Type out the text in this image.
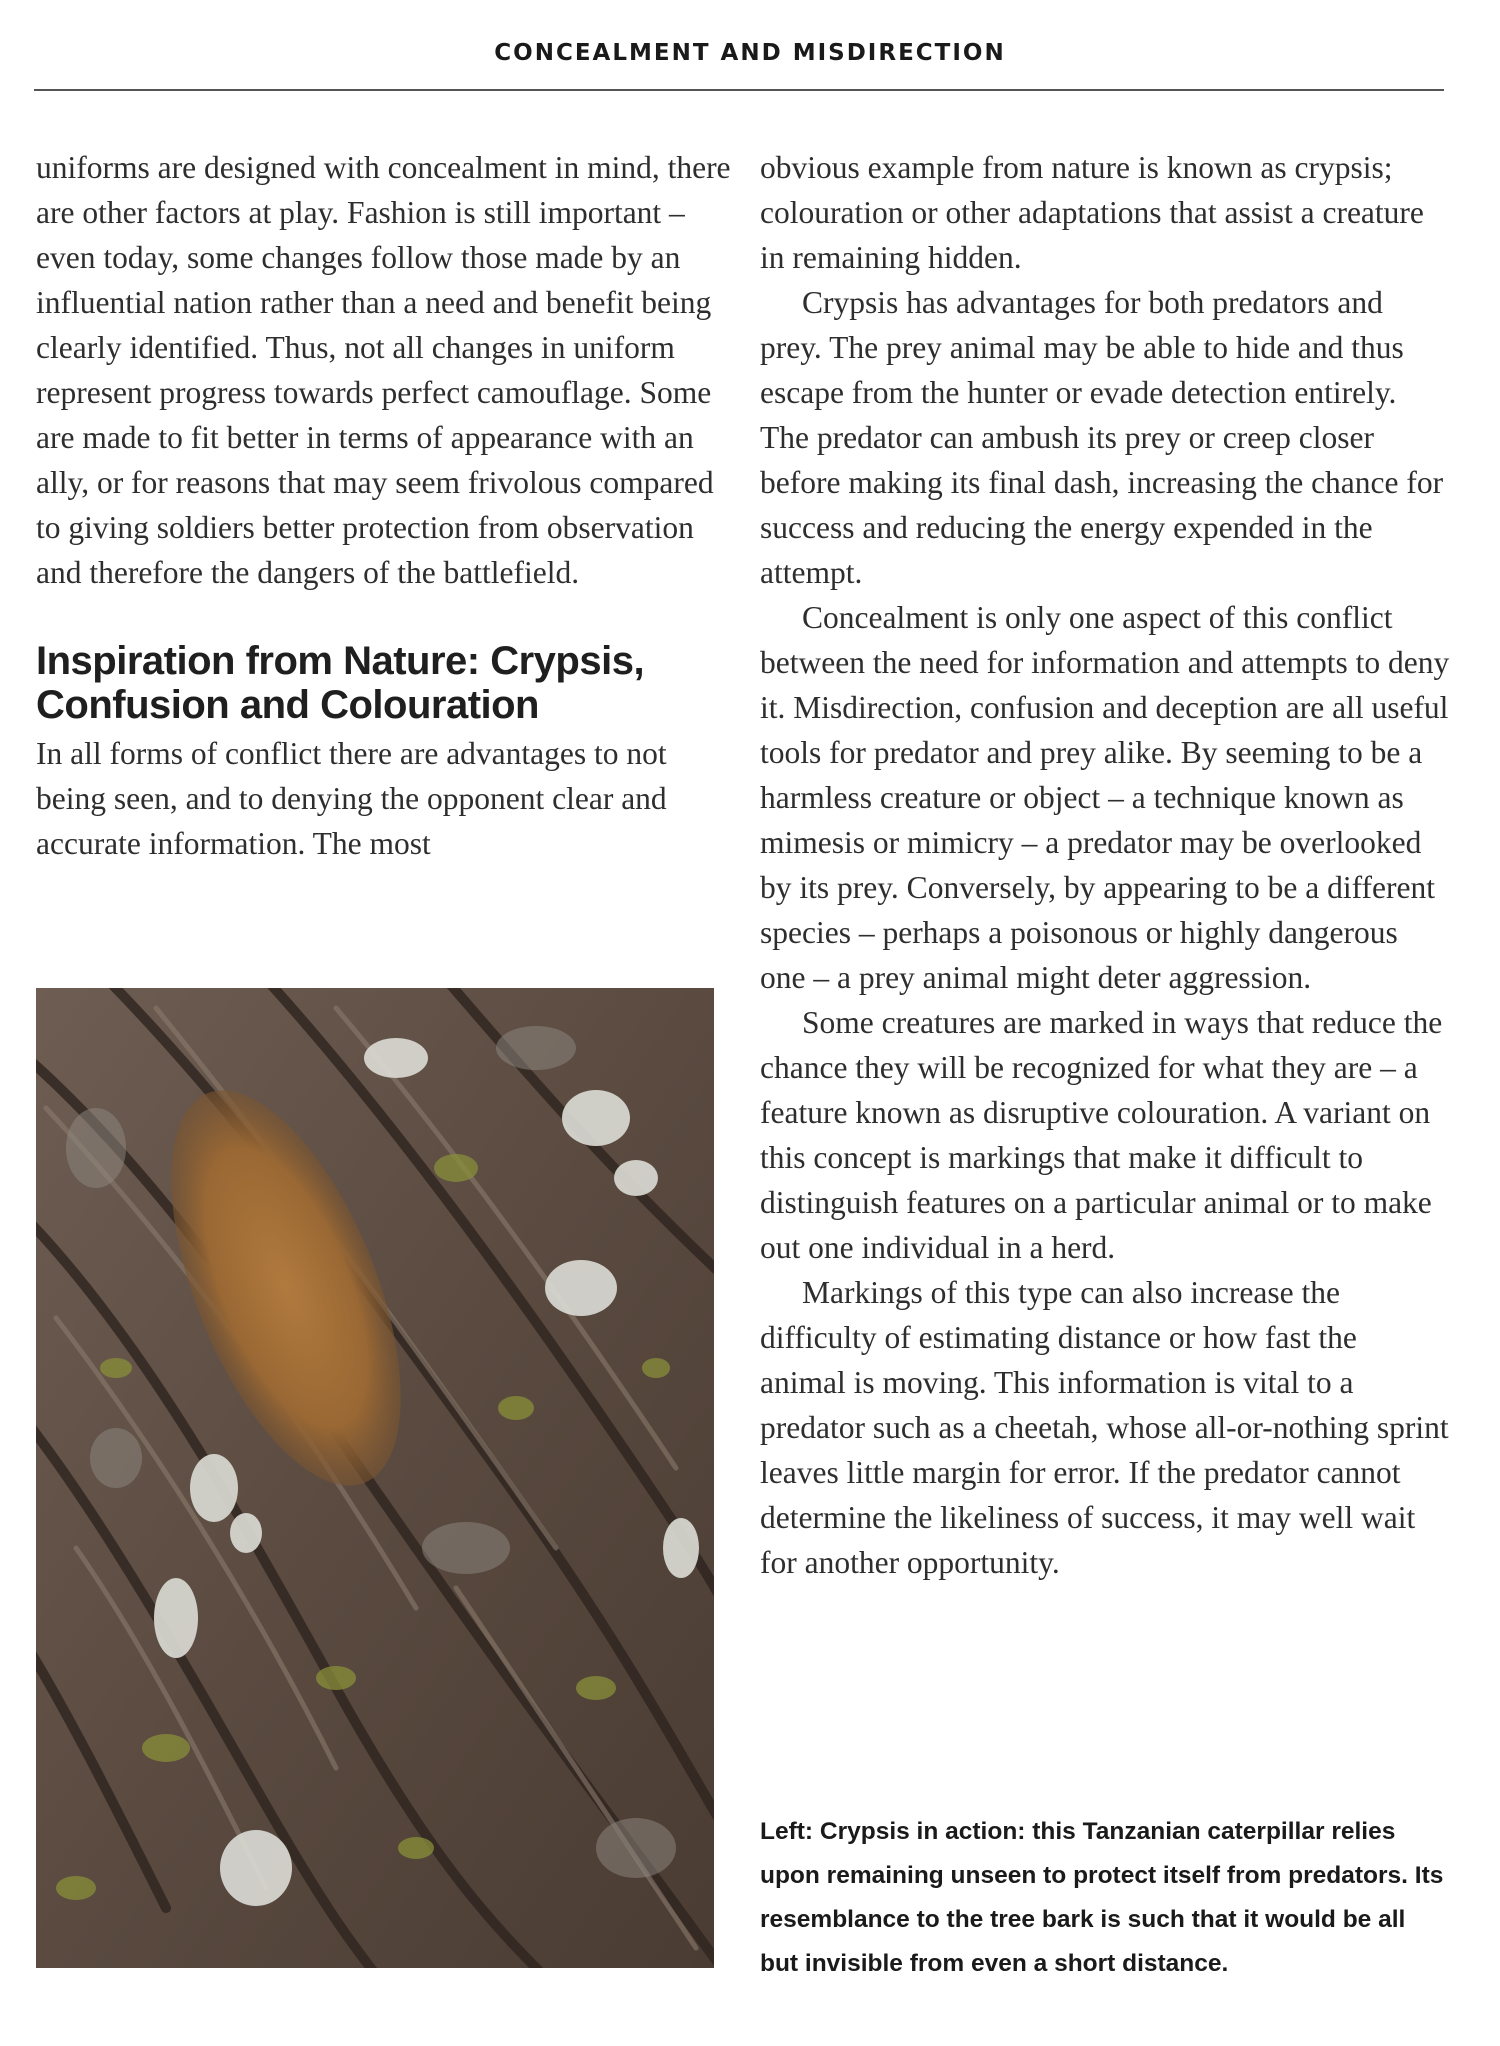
CONCEALMENT AND MISDIRECTION

uniforms are designed with concealment in mind, there are other factors at play. Fashion is still important – even today, some changes follow those made by an influential nation rather than a need and benefit being clearly identified. Thus, not all changes in uniform represent progress towards perfect camouflage. Some are made to fit better in terms of appearance with an ally, or for reasons that may seem frivolous compared to giving soldiers better protection from observation and therefore the dangers of the battlefield.

Inspiration from Nature: Crypsis, Confusion and Colouration

In all forms of conflict there are advantages to not being seen, and to denying the opponent clear and accurate information. The most

obvious example from nature is known as crypsis; colouration or other adaptations that assist a creature in remaining hidden.

Crypsis has advantages for both predators and prey. The prey animal may be able to hide and thus escape from the hunter or evade detection entirely. The predator can ambush its prey or creep closer before making its final dash, increasing the chance for success and reducing the energy expended in the attempt.

Concealment is only one aspect of this conflict between the need for information and attempts to deny it. Misdirection, confusion and deception are all useful tools for predator and prey alike. By seeming to be a harmless creature or object – a technique known as mimesis or mimicry – a predator may be overlooked by its prey. Conversely, by appearing to be a different species – perhaps a poisonous or highly dangerous one – a prey animal might deter aggression.

Some creatures are marked in ways that reduce the chance they will be recognized for what they are – a feature known as disruptive colouration. A variant on this concept is markings that make it difficult to distinguish features on a particular animal or to make out one individual in a herd.

Markings of this type can also increase the difficulty of estimating distance or how fast the animal is moving. This information is vital to a predator such as a cheetah, whose all-or-nothing sprint leaves little margin for error. If the predator cannot determine the likeliness of success, it may well wait for another opportunity.

Left: Crypsis in action: this Tanzanian caterpillar relies upon remaining unseen to protect itself from predators. Its resemblance to the tree bark is such that it would be all but invisible from even a short distance.
